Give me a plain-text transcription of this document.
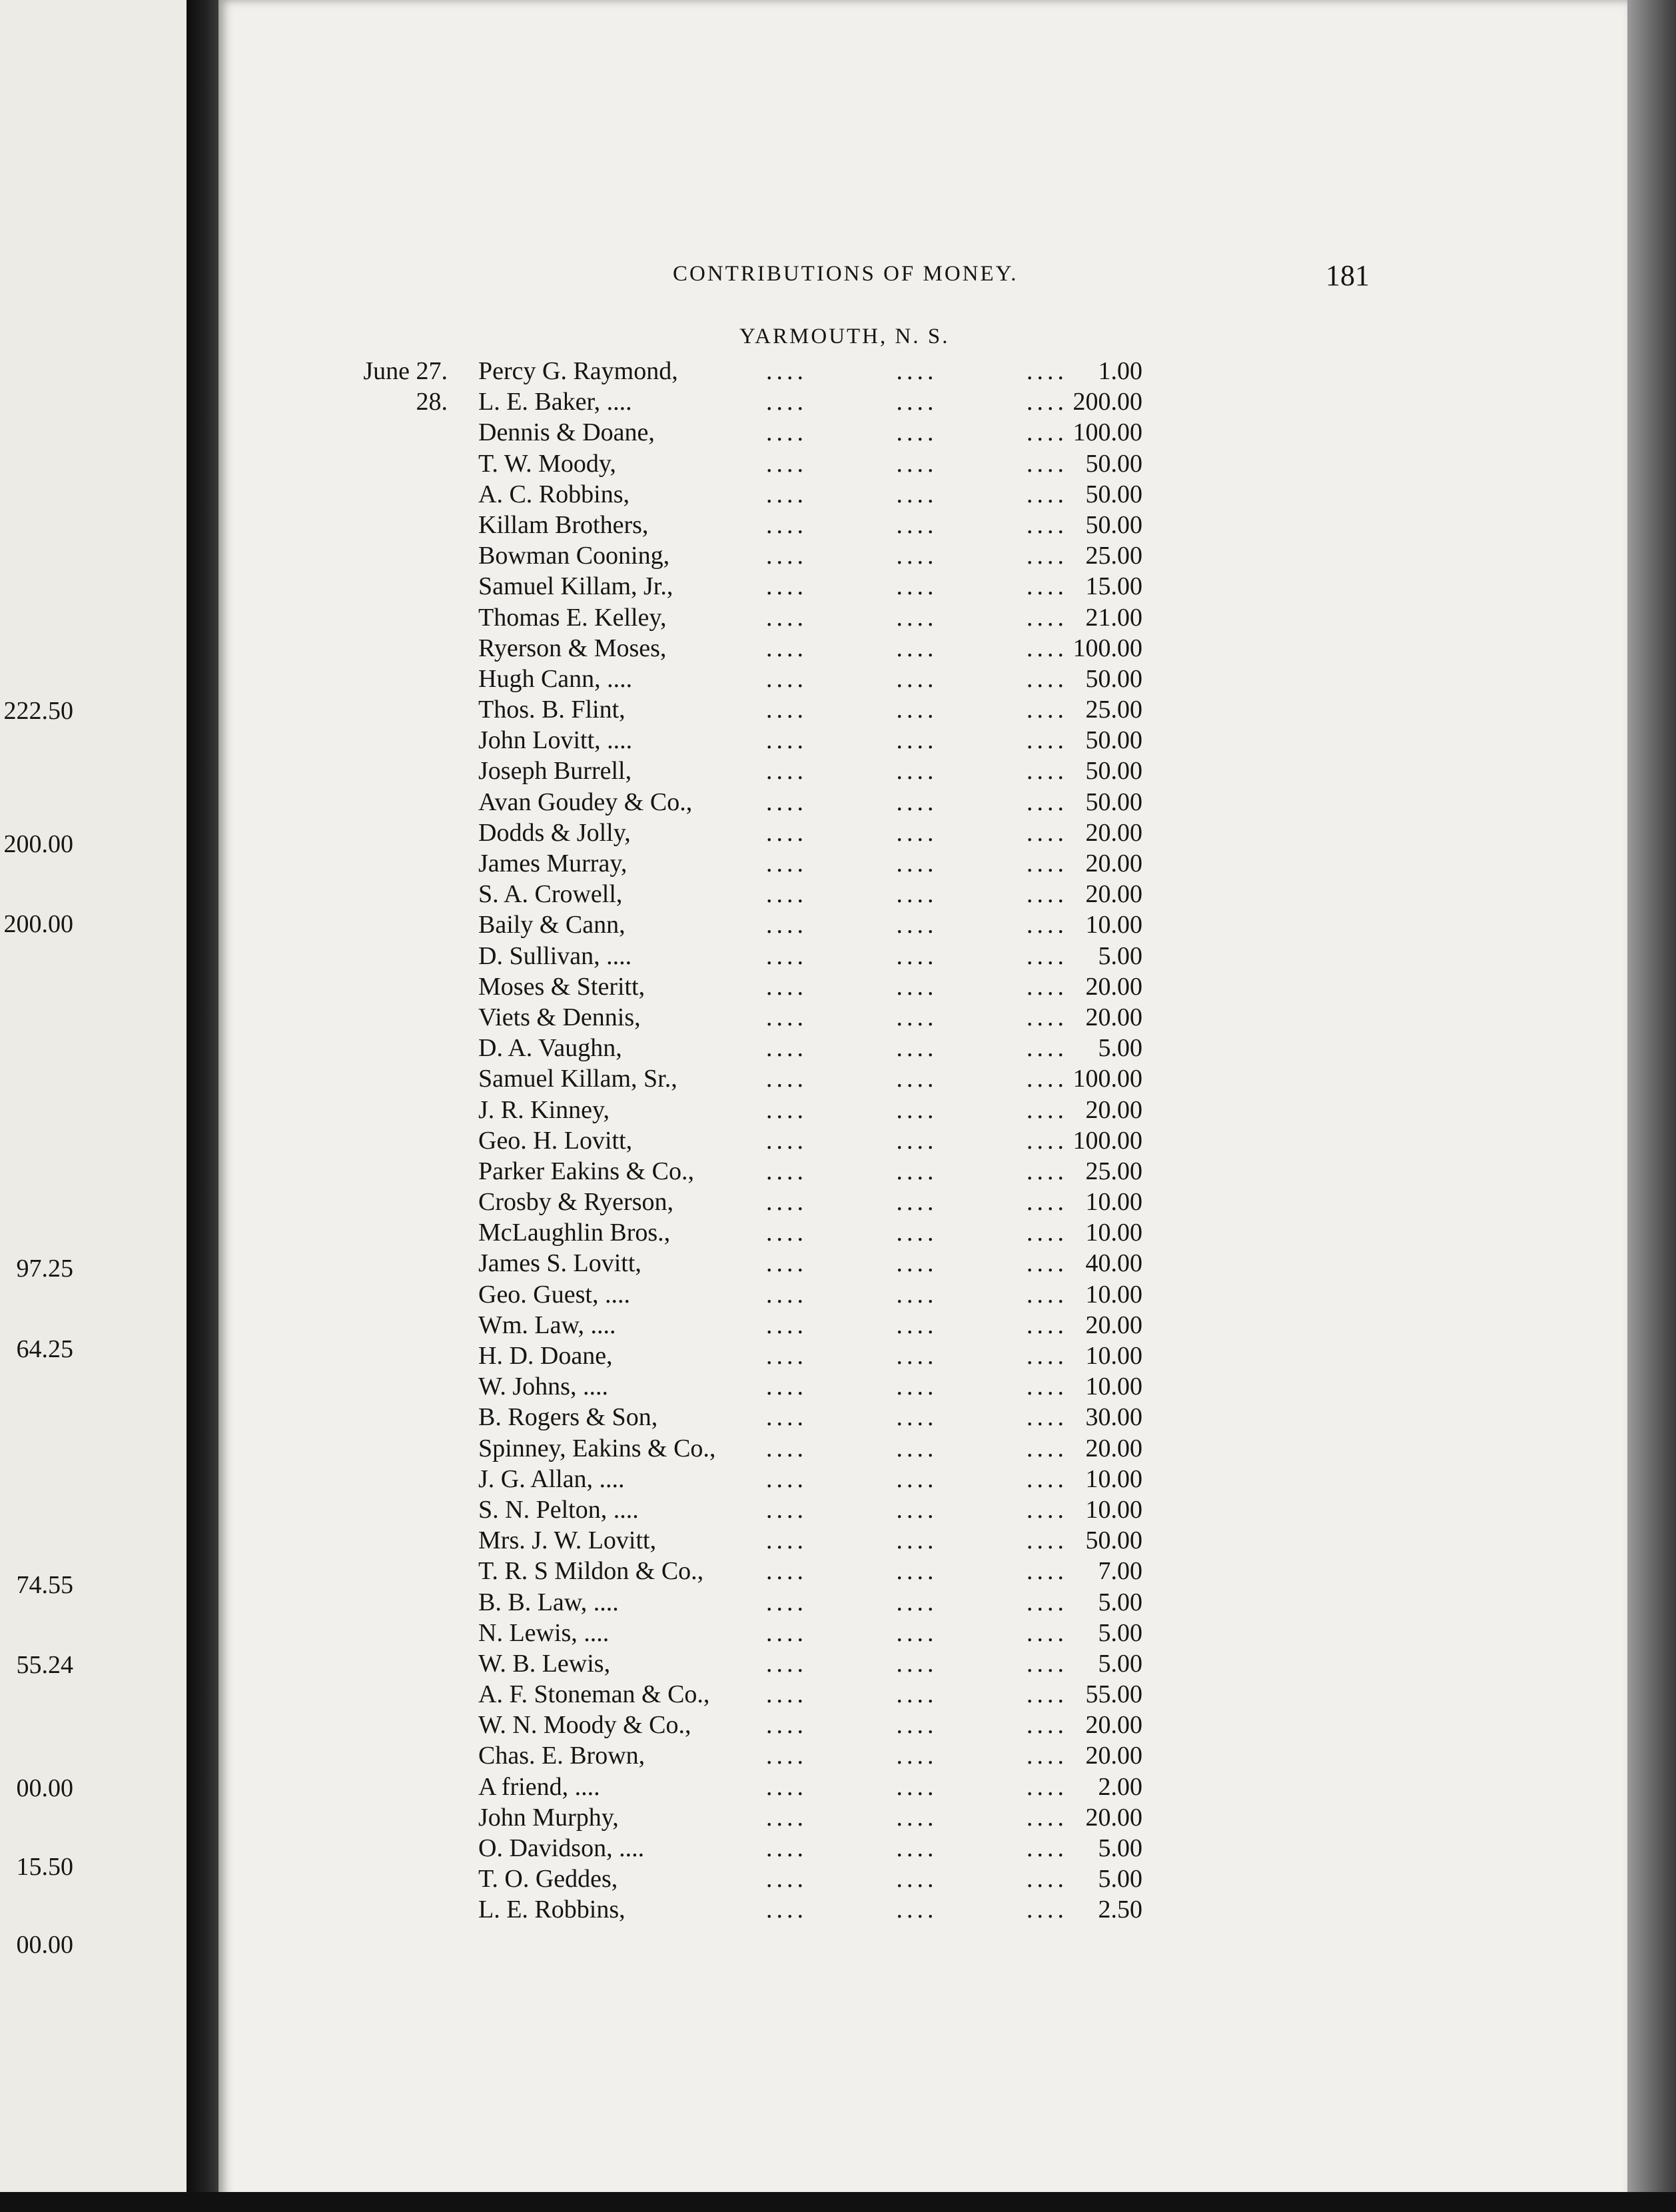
222.50
200.00
200.00
97.25
64.25
74.55
55.24
00.00
15.50
00.00
CONTRIBUTIONS OF MONEY.	181
YARMOUTH, N. S.
June 27. Percy G. Raymond,	.... .... ....	1.00
28. L. E. Baker, ....	.... .... .... 200.00
Dennis & Doane,	.... .... .... 100.00
T. W. Moody,	.... .... .... 50.00
A. C. Robbins,	.... .... .... 50.00
Killam Brothers,	.... .... .... 50.00
Bowman Cooning,	.... .... .... 25.00
Samuel Killam, Jr.,	.... .... .... 15.00
Thomas E. Kelley,	.... .... .... 21.00
Ryerson & Moses,	.... .... .... 100.00
Hugh Cann, ....	.... .... .... 50.00
Thos. B. Flint,	.... .... .... 25.00
John Lovitt, ....	.... .... .... 50.00
Joseph Burrell,	.... .... .... 50.00
Avan Goudey & Co.,	.... .... .... 50.00
Dodds & Jolly,	.... .... .... 20.00
James Murray,	.... .... .... 20.00
S. A. Crowell,	.... .... .... 20.00
Baily & Cann,	.... .... .... 10.00
D. Sullivan, ....	.... .... ....	5.00
Moses & Steritt,	.... .... .... 20.00
Viets & Dennis,	.... .... .... 20.00
D. A. Vaughn,	.... .... ....	5.00
Samuel Killam, Sr.,	.... .... .... 100.00
J. R. Kinney,	.... .... .... 20.00
Geo. H. Lovitt,	.... .... .... 100.00
Parker Eakins & Co.,	.... .... .... 25.00
Crosby & Ryerson,	.... .... .... 10.00
McLaughlin Bros.,	.... .... .... 10.00
James S. Lovitt,	.... .... .... 40.00
Geo. Guest, ....	.... .... .... 10.00
Wm. Law, ....	.... .... .... 20.00
H. D. Doane,	.... .... .... 10.00
W. Johns, ....	.... .... .... 10.00
B. Rogers & Son,	.... .... .... 30.00
Spinney, Eakins & Co., .... .... .... 20.00
J. G. Allan, ....	.... .... .... 10.00
S. N. Pelton, ....	.... .... .... 10.00
Mrs. J. W. Lovitt,	.... .... .... 50.00
T. R. S Mildon & Co., .... .... ....	7.00
B. B. Law, ....	.... .... ....	5.00
N. Lewis, ....	.... .... ....	5.00
W. B. Lewis,	.... .... ....	5.00
A. F. Stoneman & Co., .... .... .... 55.00
W. N. Moody & Co.,	.... .... .... 20.00
Chas. E. Brown,	.... .... .... 20.00
A friend, ....	.... .... ....	2.00
John Murphy,	.... .... .... 20.00
O. Davidson, ....	.... .... ....	5.00
T. O. Geddes,	.... .... ....	5.00
L. E. Robbins,	.... .... ....	2.50
